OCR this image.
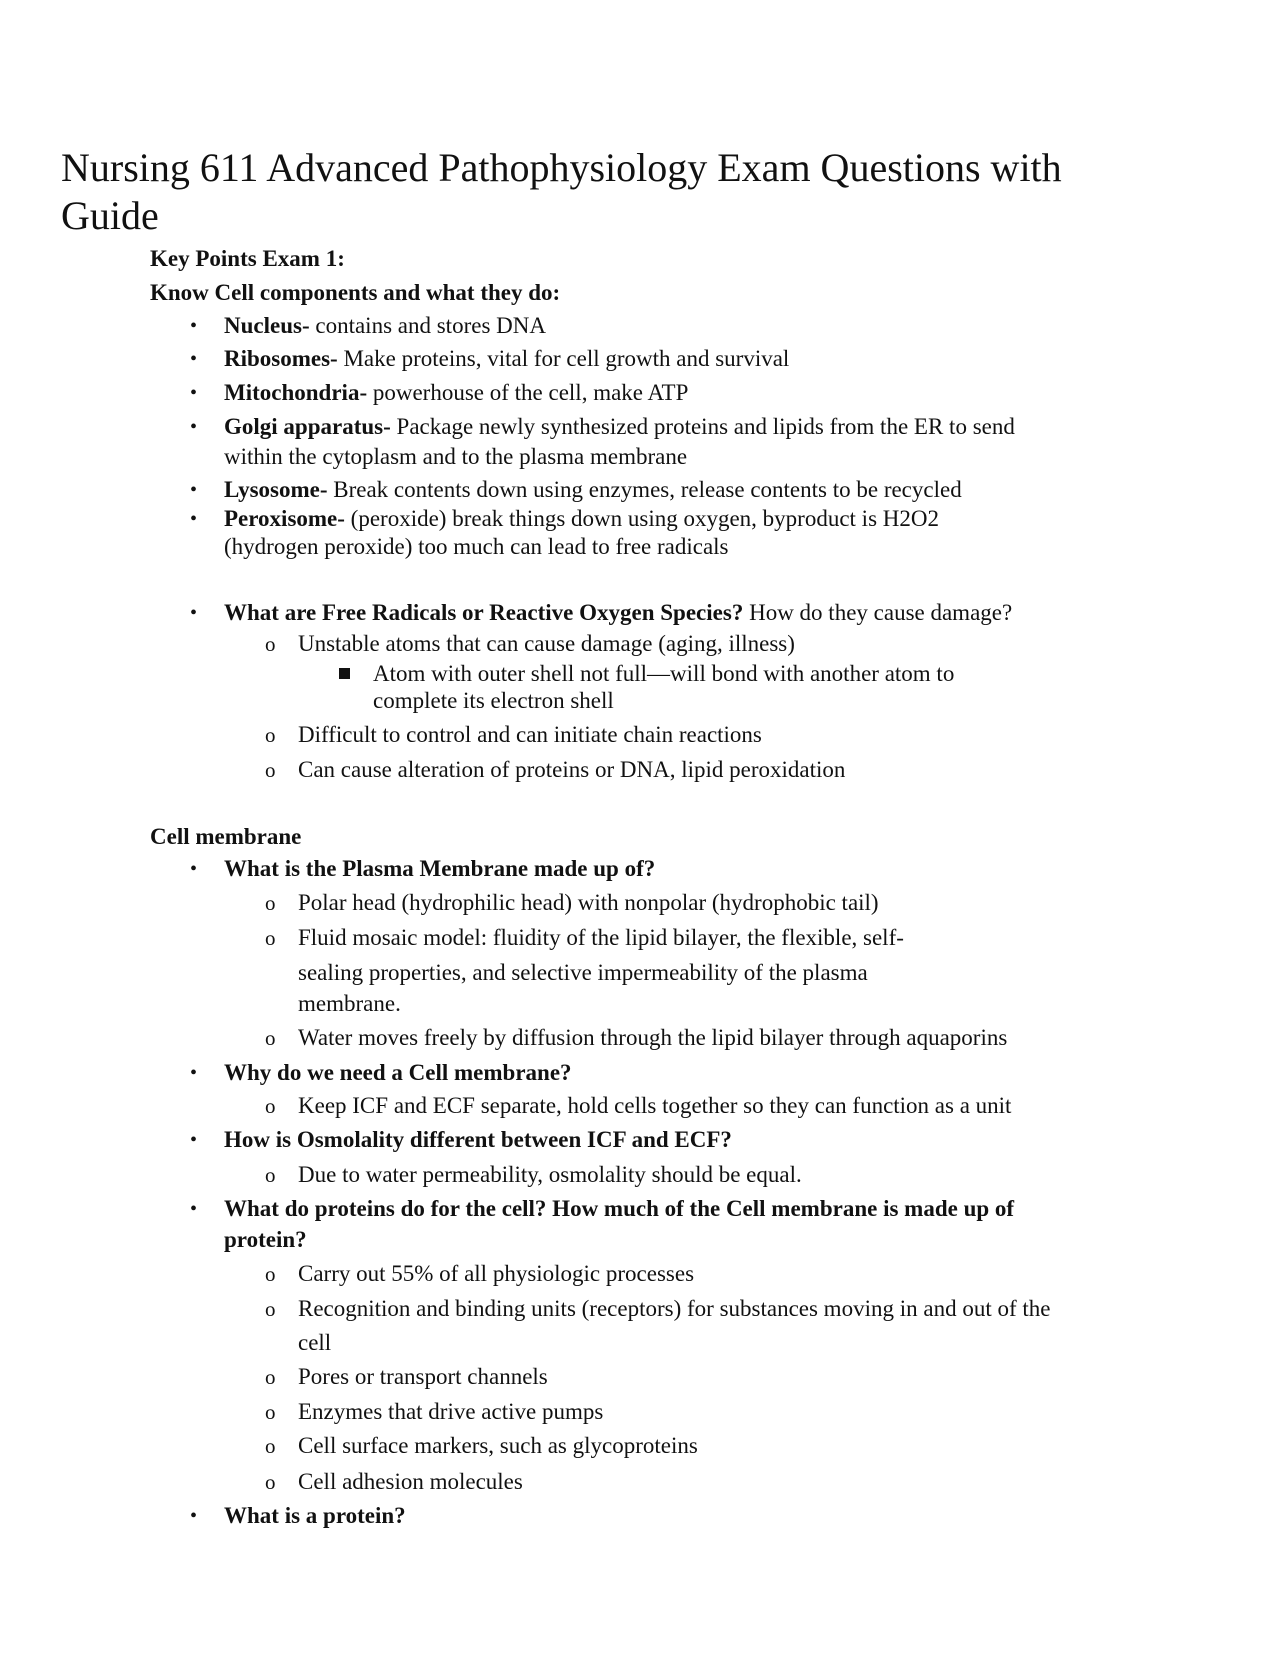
Nursing 611 Advanced Pathophysiology Exam Questions with
Guide
Key Points Exam 1:
Know Cell components and what they do:
• Nucleus- contains and stores DNA
• Ribosomes- Make proteins, vital for cell growth and survival
• Mitochondria- powerhouse of the cell, make ATP
• Golgi apparatus- Package newly synthesized proteins and lipids from the ER to send
within the cytoplasm and to the plasma membrane
• Lysosome- Break contents down using enzymes, release contents to be recycled
• Peroxisome- (peroxide) break things down using oxygen, byproduct is H2O2
(hydrogen peroxide) too much can lead to free radicals
• What are Free Radicals or Reactive Oxygen Species? How do they cause damage?
o Unstable atoms that can cause damage (aging, illness)
Atom with outer shell not full—will bond with another atom to
complete its electron shell
o Difficult to control and can initiate chain reactions
o Can cause alteration of proteins or DNA, lipid peroxidation
Cell membrane
• What is the Plasma Membrane made up of?
o Polar head (hydrophilic head) with nonpolar (hydrophobic tail)
o Fluid mosaic model: fluidity of the lipid bilayer, the flexible, self-
sealing properties, and selective impermeability of the plasma
membrane.
o Water moves freely by diffusion through the lipid bilayer through aquaporins
• Why do we need a Cell membrane?
o Keep ICF and ECF separate, hold cells together so they can function as a unit
• How is Osmolality different between ICF and ECF?
o Due to water permeability, osmolality should be equal.
• What do proteins do for the cell? How much of the Cell membrane is made up of
protein?
o Carry out 55% of all physiologic processes
o Recognition and binding units (receptors) for substances moving in and out of the
cell
o Pores or transport channels
o Enzymes that drive active pumps
o Cell surface markers, such as glycoproteins
o Cell adhesion molecules
• What is a protein?
